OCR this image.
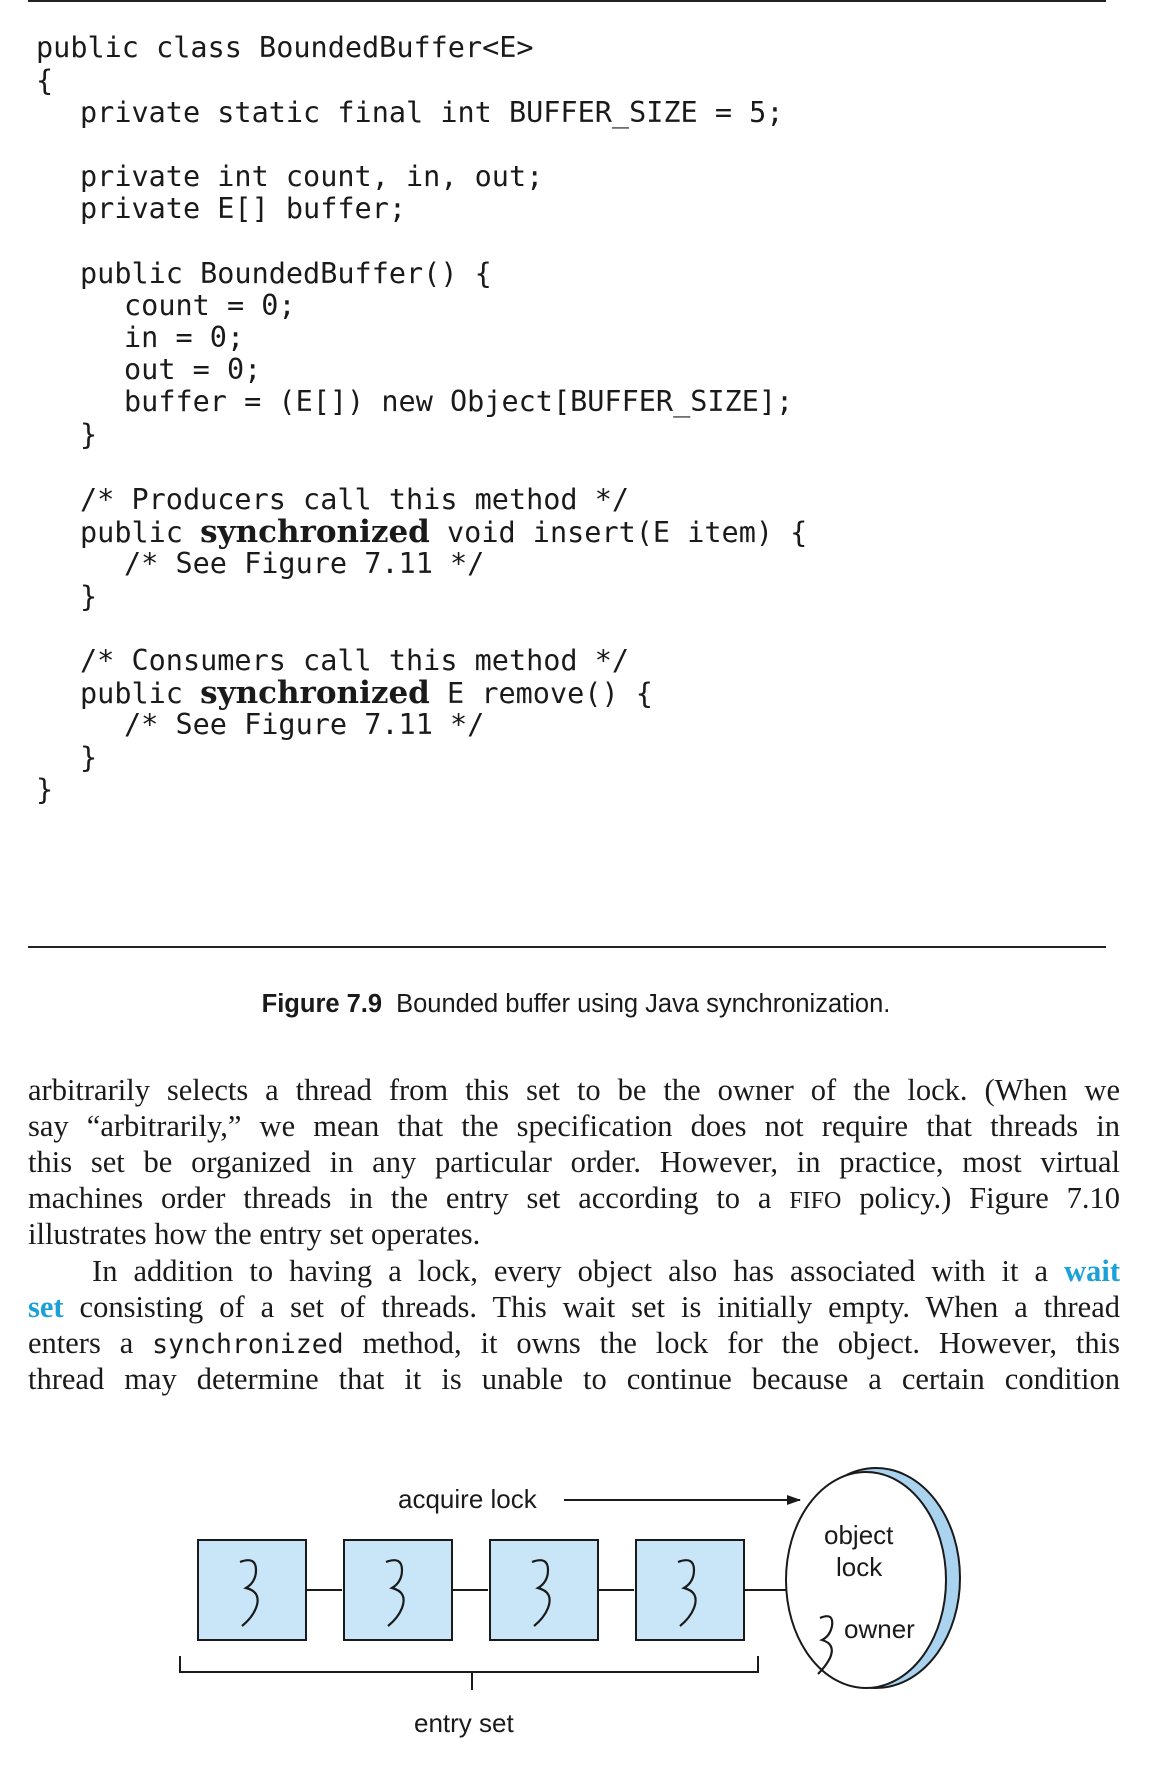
public class BoundedBuffer<E>
{
private static final int BUFFER_SIZE = 5;
private int count, in, out;
private E[] buffer;
public BoundedBuffer() {
count = 0;
in = 0;
out = 0;
buffer = (E[]) new Object[BUFFER_SIZE];
}
/* Producers call this method */
public synchronized void insert(E item) {
/* See Figure 7.11 */
}
/* Consumers call this method */
public synchronized E remove() {
/* See Figure 7.11 */
}
}
Figure 7.9 Bounded buffer using Java synchronization.
arbitrarily selects a thread from this set to be the owner of the lock. (When we
say “arbitrarily,” we mean that the specification does not require that threads in
this set be organized in any particular order. However, in practice, most virtual
machines order threads in the entry set according to a FIFO policy.) Figure 7.10
illustrates how the entry set operates.
In addition to having a lock, every object also has associated with it a wait
set consisting of a set of threads. This wait set is initially empty. When a thread
enters a synchronized method, it owns the lock for the object. However, this
thread may determine that it is unable to continue because a certain condition
acquire lock
object
lock
owner
entry set
